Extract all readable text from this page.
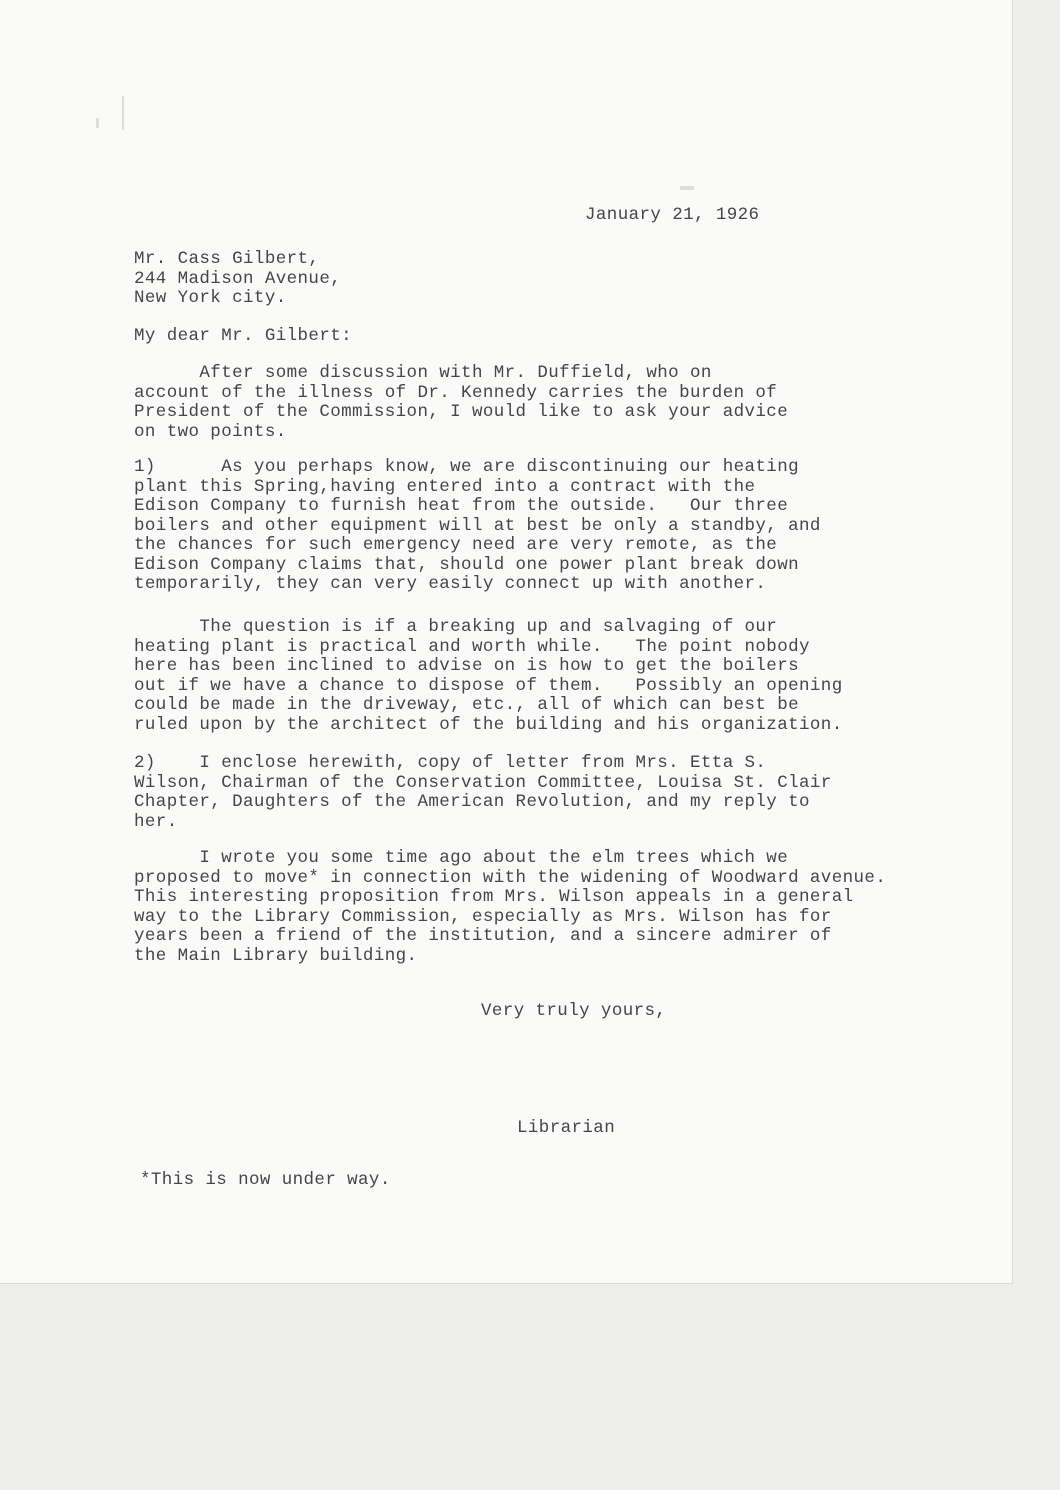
January 21, 1926
Mr. Cass Gilbert,
244 Madison Avenue,
New York city.
My dear Mr. Gilbert:
After some discussion with Mr. Duffield, who on
account of the illness of Dr. Kennedy carries the burden of
President of the Commission, I would like to ask your advice
on two points.
1)      As you perhaps know, we are discontinuing our heating
plant this Spring,having entered into a contract with the
Edison Company to furnish heat from the outside.   Our three
boilers and other equipment will at best be only a standby, and
the chances for such emergency need are very remote, as the
Edison Company claims that, should one power plant break down
temporarily, they can very easily connect up with another.
The question is if a breaking up and salvaging of our
heating plant is practical and worth while.   The point nobody
here has been inclined to advise on is how to get the boilers
out if we have a chance to dispose of them.   Possibly an opening
could be made in the driveway, etc., all of which can best be
ruled upon by the architect of the building and his organization.
2)    I enclose herewith, copy of letter from Mrs. Etta S.
Wilson, Chairman of the Conservation Committee, Louisa St. Clair
Chapter, Daughters of the American Revolution, and my reply to
her.
I wrote you some time ago about the elm trees which we
proposed to move* in connection with the widening of Woodward avenue.
This interesting proposition from Mrs. Wilson appeals in a general
way to the Library Commission, especially as Mrs. Wilson has for
years been a friend of the institution, and a sincere admirer of
the Main Library building.
Very truly yours,
Librarian
*This is now under way.
